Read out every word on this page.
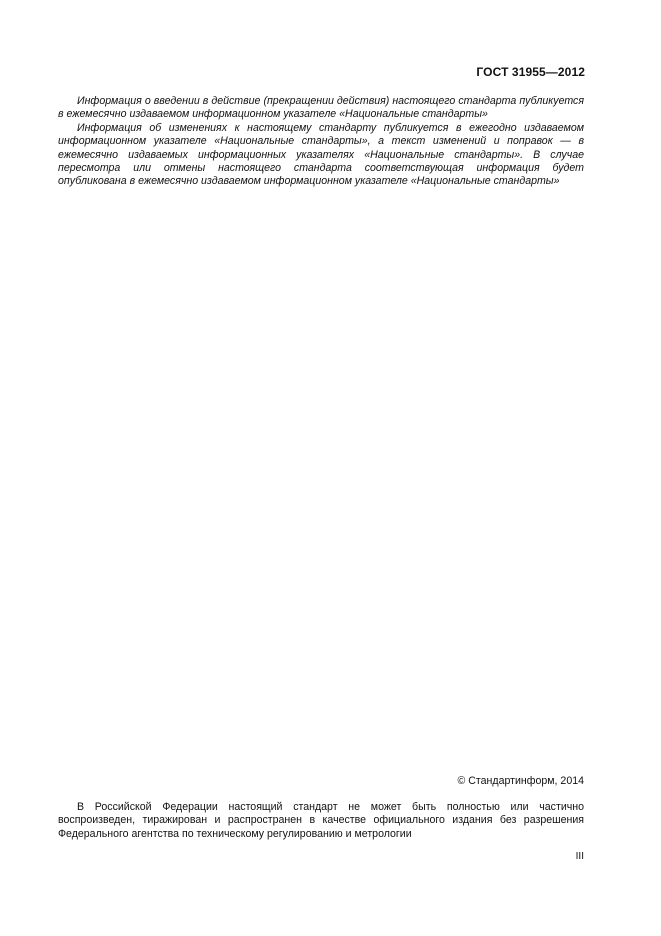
ГОСТ 31955—2012

Информация о введении в действие (прекращении действия) настоящего стандарта публикуется в ежемесячно издаваемом информационном указателе «Национальные стандарты»

Информация об изменениях к настоящему стандарту публикуется в ежегодно издаваемом информационном указателе «Национальные стандарты», а текст изменений и поправок — в ежемесячно издаваемых информационных указателях «Национальные стандарты». В случае пересмотра или отмены настоящего стандарта соответствующая информация будет опубликована в ежемесячно издаваемом информационном указателе «Национальные стандарты»

© Стандартинформ, 2014

В Российской Федерации настоящий стандарт не может быть полностью или частично воспроизведен, тиражирован и распространен в качестве официального издания без разрешения Федерального агентства по техническому регулированию и метрологии

III
